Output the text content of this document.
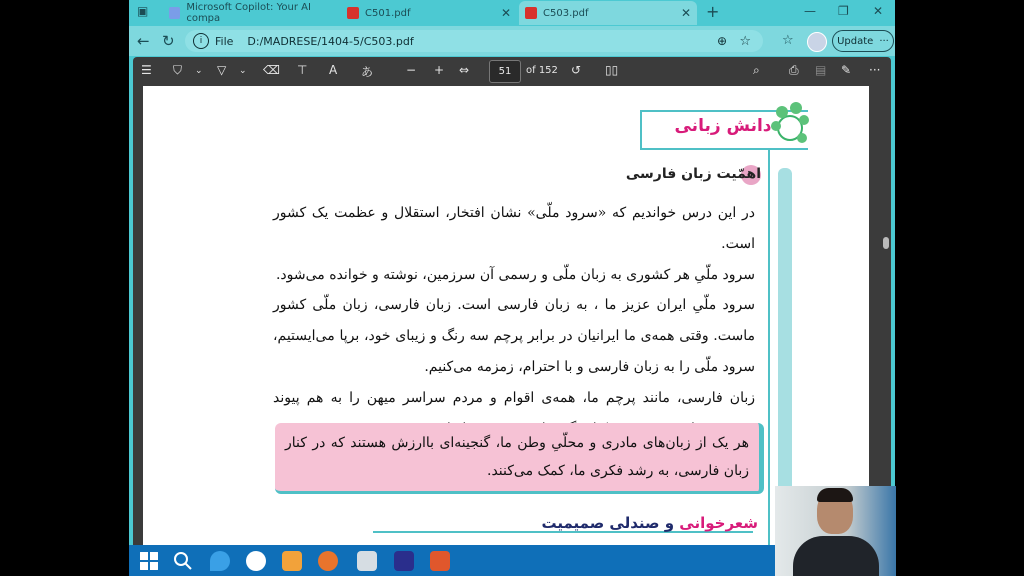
▣	Microsoft Copilot: Your AI compa	C501.pdf	✕	C503.pdf	✕ +	— ❐ ✕
← ↻	i	File D:/MADRESE/1404-5/C503.pdf	⊕ ☆ ☆	Update ···
☰ ⛉ ⌄ ▽ ⌄ ⌫ ⊤ A あ	− + ⇔	51	of 152 ↺ ▯▯	⌕ ⎙ ▤ ✎ ···
دانش زبانی
اهمّیت زبان فارسی

در این درس خواندیم که «سرود ملّی» نشان افتخار، استقلال و عظمت یک کشور است.

سرود ملّیِ هر کشوری به زبان ملّی و رسمی آن سرزمین، نوشته و خوانده می‌شود.

سرود ملّیِ ایران عزیز ما ، به زبان فارسی است. زبان فارسی، زبان ملّی کشور ماست. وقتی همه‌ی ما ایرانیان در برابر پرچم سه رنگ و زیبای خود، برپا می‌ایستیم، سرود ملّی را به زبان فارسی و با احترام، زمزمه می‌کنیم.

زبان فارسی، مانند پرچم ما، همه‌ی اقوام و مردم سراسر میهن را به هم پیوند

هر یک از زبان‌های مادری و محلّیِ وطن ما، گنجینه‌ای باارزش هستند که در کنار زبان فارسی، به رشد فکری ما، کمک می‌کنند.
شعرخوانی و صندلی صمیمیت
